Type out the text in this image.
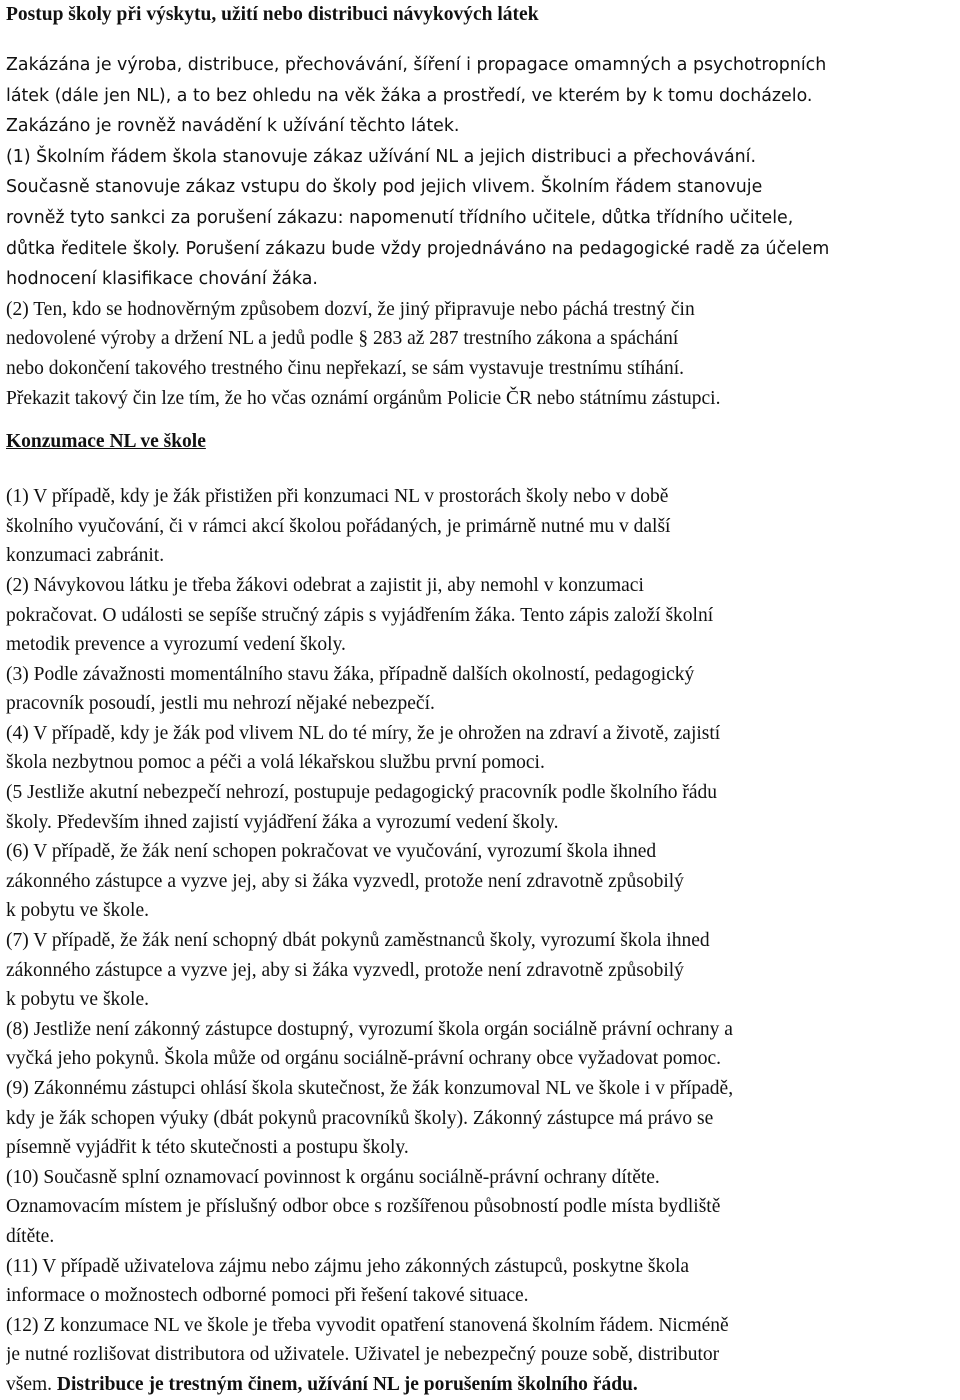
Postup školy při výskytu, užití nebo distribuci návykových látek

Zakázána je výroba, distribuce, přechovávání, šíření i propagace omamných a psychotropních

látek (dále jen NL), a to bez ohledu na věk žáka a prostředí, ve kterém by k tomu docházelo.

Zakázáno je rovněž navádění k užívání těchto látek.

(1) Školním řádem škola stanovuje zákaz užívání NL a jejich distribuci a přechovávání.

Současně stanovuje zákaz vstupu do školy pod jejich vlivem. Školním řádem stanovuje

rovněž tyto sankci za porušení zákazu: napomenutí třídního učitele, důtka třídního učitele,

důtka ředitele školy. Porušení zákazu bude vždy projednáváno na pedagogické radě za účelem

hodnocení klasifikace chování žáka.

(2) Ten, kdo se hodnověrným způsobem dozví, že jiný připravuje nebo páchá trestný čin

nedovolené výroby a držení NL a jedů podle § 283 až 287 trestního zákona a spáchání

nebo dokončení takového trestného činu nepřekazí, se sám vystavuje trestnímu stíhání.

Překazit takový čin lze tím, že ho včas oznámí orgánům Policie ČR nebo státnímu zástupci.

Konzumace NL ve škole

(1) V případě, kdy je žák přistižen při konzumaci NL v prostorách školy nebo v době

školního vyučování, či v rámci akcí školou pořádaných, je primárně nutné mu v další

konzumaci zabránit.

(2) Návykovou látku je třeba žákovi odebrat a zajistit ji, aby nemohl v konzumaci

pokračovat. O události se sepíše stručný zápis s vyjádřením žáka. Tento zápis založí školní

metodik prevence a vyrozumí vedení školy.

(3) Podle závažnosti momentálního stavu žáka, případně dalších okolností, pedagogický

pracovník posoudí, jestli mu nehrozí nějaké nebezpečí.

(4) V případě, kdy je žák pod vlivem NL do té míry, že je ohrožen na zdraví a životě, zajistí

škola nezbytnou pomoc a péči a volá lékařskou službu první pomoci.

(5 Jestliže akutní nebezpečí nehrozí, postupuje pedagogický pracovník podle školního řádu

školy. Především ihned zajistí vyjádření žáka a vyrozumí vedení školy.

(6) V případě, že žák není schopen pokračovat ve vyučování, vyrozumí škola ihned

zákonného zástupce a vyzve jej, aby si žáka vyzvedl, protože není zdravotně způsobilý

k pobytu ve škole.

(7) V případě, že žák není schopný dbát pokynů zaměstnanců školy, vyrozumí škola ihned

zákonného zástupce a vyzve jej, aby si žáka vyzvedl, protože není zdravotně způsobilý

k pobytu ve škole.

(8) Jestliže není zákonný zástupce dostupný, vyrozumí škola orgán sociálně právní ochrany a

vyčká jeho pokynů. Škola může od orgánu sociálně-právní ochrany obce vyžadovat pomoc.

(9) Zákonnému zástupci ohlásí škola skutečnost, že žák konzumoval NL ve škole i v případě,

kdy je žák schopen výuky (dbát pokynů pracovníků školy). Zákonný zástupce má právo se

písemně vyjádřit k této skutečnosti a postupu školy.

(10) Současně splní oznamovací povinnost k orgánu sociálně-právní ochrany dítěte.

Oznamovacím místem je příslušný odbor obce s rozšířenou působností podle místa bydliště

dítěte.

(11) V případě uživatelova zájmu nebo zájmu jeho zákonných zástupců, poskytne škola

informace o možnostech odborné pomoci při řešení takové situace.

(12) Z konzumace NL ve škole je třeba vyvodit opatření stanovená školním řádem. Nicméně

je nutné rozlišovat distributora od uživatele. Uživatel je nebezpečný pouze sobě, distributor

všem. Distribuce je trestným činem, užívání NL je porušením školního řádu.
